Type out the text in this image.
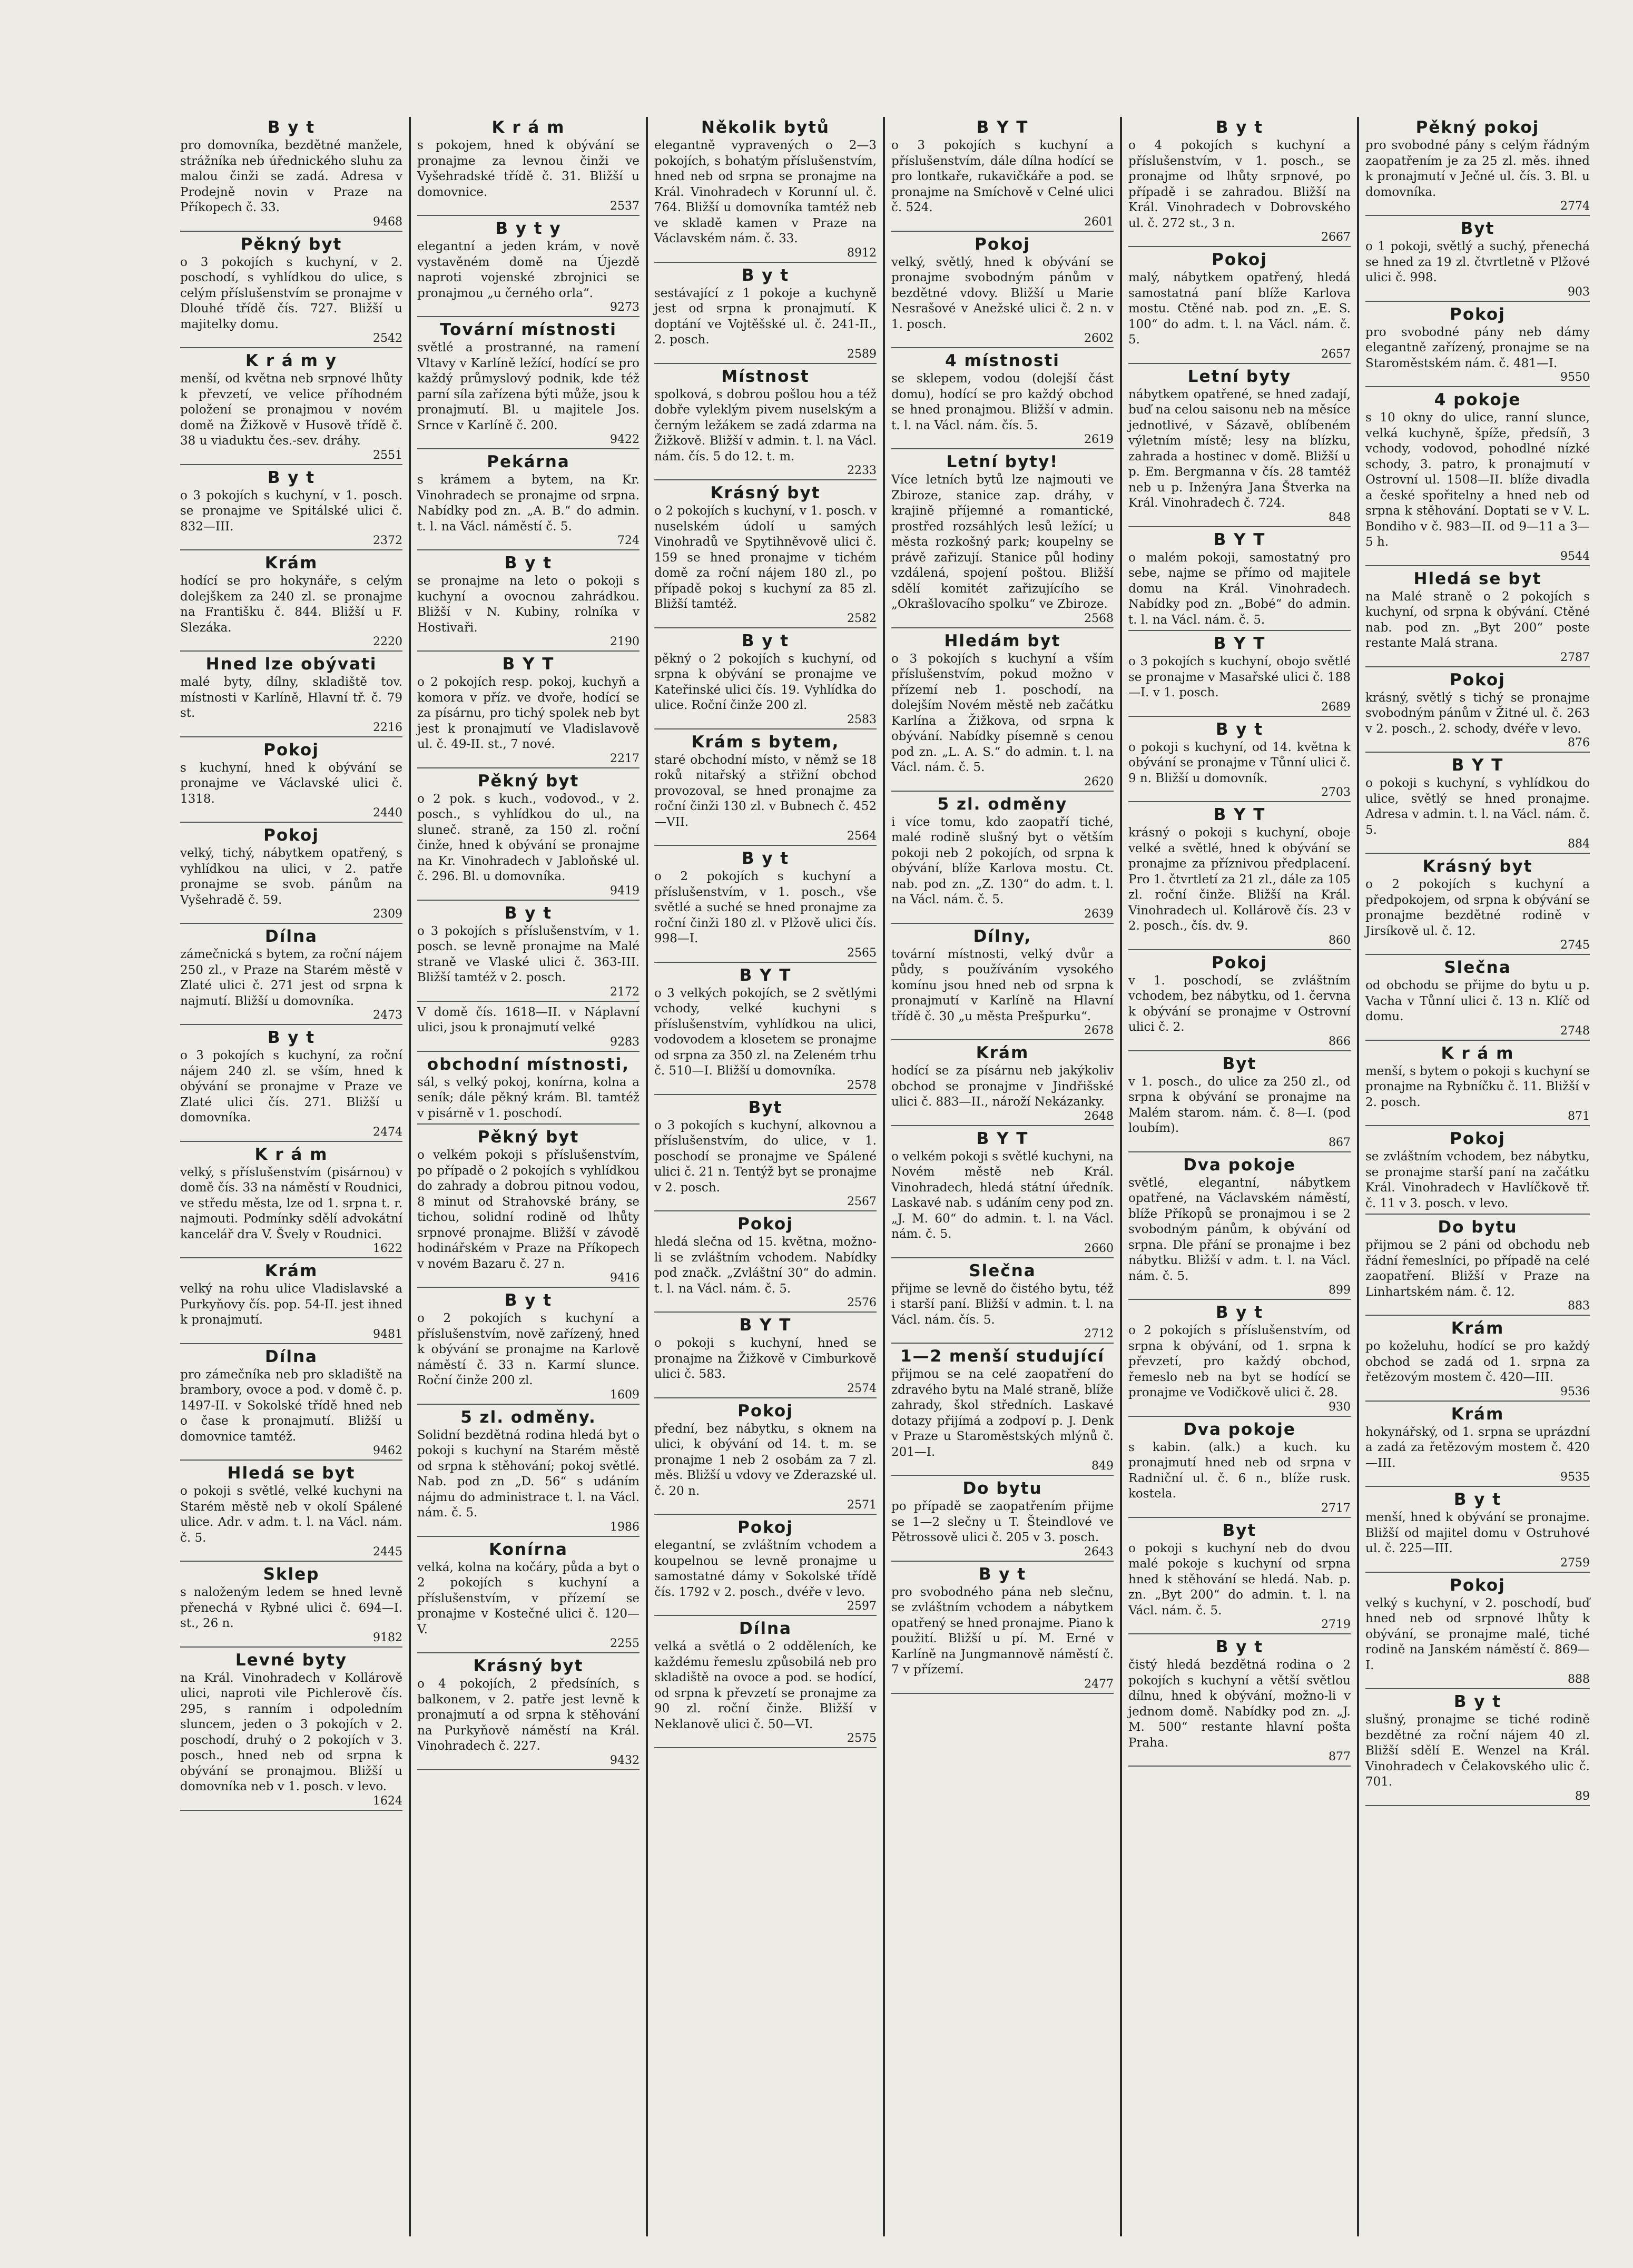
B y t

pro domovníka, bezdětné manžele, strážníka neb úřednického sluhu za malou činži se zadá. Adresa v Prodejně novin v Praze na Příkopech č. 33.

9468
Pěkný byt

o 3 pokojích s kuchyní, v 2. poschodí, s vyhlídkou do ulice, s celým příslušenstvím se pronajme v Dlouhé třídě čís. 727. Bližší u majitelky domu.

2542
K r á m y

menší, od května neb srpnové lhůty k převzetí, ve velice příhodném položení se pronajmou v novém domě na Žižkově v Husově třídě č. 38 u viaduktu čes.-sev. dráhy.

2551
B y t

o 3 pokojích s kuchyní, v 1. posch. se pronajme ve Spitálské ulici č. 832—III.

2372
Krám

hodící se pro hokynáře, s celým dolejškem za 240 zl. se pronajme na Františku č. 844. Bližší u F. Slezáka.

2220
Hned lze obývati

malé byty, dílny, skladiště tov. místnosti v Karlíně, Hlavní tř. č. 79 st.

2216
Pokoj

s kuchyní, hned k obývání se pronajme ve Václavské ulici č. 1318.

2440
Pokoj

velký, tichý, nábytkem opatřený, s vyhlídkou na ulici, v 2. patře pronajme se svob. pánům na Vyšehradě č. 59.

2309
Dílna

zámečnická s bytem, za roční nájem 250 zl., v Praze na Starém městě v Zlaté ulici č. 271 jest od srpna k najmutí. Bližší u domovníka.

2473
B y t

o 3 pokojích s kuchyní, za roční nájem 240 zl. se vším, hned k obývání se pronajme v Praze ve Zlaté ulici čís. 271. Bližší u domovníka.

2474
K r á m

velký, s příslušenstvím (pisárnou) v domě čís. 33 na náměstí v Roudnici, ve středu města, lze od 1. srpna t. r. najmouti. Podmínky sdělí advokátní kancelář dra V. Švely v Roudnici.

1622
Krám

velký na rohu ulice Vladislavské a Purkyňovy čís. pop. 54-II. jest ihned k pronajmutí.

9481
Dílna

pro zámečníka neb pro skladiště na brambory, ovoce a pod. v domě č. p. 1497-II. v Sokolské třídě hned neb o čase k pronajmutí. Bližší u domovnice tamtéž.

9462
Hledá se byt

o pokoji s světlé, velké kuchyni na Starém městě neb v okolí Spálené ulice. Adr. v adm. t. l. na Václ. nám. č. 5.

2445
Sklep

s naloženým ledem se hned levně přenechá v Rybné ulici č. 694—I. st., 26 n.

9182
Levné byty

na Král. Vinohradech v Kollárově ulici, naproti vile Pichlerově čís. 295, s ranním i odpoledním sluncem, jeden o 3 pokojích v 2. poschodí, druhý o 2 pokojích v 3. posch., hned neb od srpna k obývání se pronajmou. Bližší u domovníka neb v 1. posch. v levo.

1624
K r á m

s pokojem, hned k obývání se pronajme za levnou činži ve Vyšehradské třídě č. 31. Bližší u domovnice.

2537
B y t y

elegantní a jeden krám, v nově vystavěném domě na Újezdě naproti vojenské zbrojnici se pronajmou „u černého orla“.

9273
Tovární místnosti

světlé a prostranné, na ramení Vltavy v Karlíně ležící, hodící se pro každý průmyslový podnik, kde též parní síla zařízena býti může, jsou k pronajmutí. Bl. u majitele Jos. Srnce v Karlíně č. 200.

9422
Pekárna

s krámem a bytem, na Kr. Vinohradech se pronajme od srpna. Nabídky pod zn. „A. B.“ do admin. t. l. na Václ. náměstí č. 5.

724
B y t

se pronajme na leto o pokoji s kuchyní a ovocnou zahrádkou. Bližší v N. Kubiny, rolníka v Hostivaři.

2190
B Y T

o 2 pokojích resp. pokoj, kuchyň a komora v příz. ve dvoře, hodící se za písárnu, pro tichý spolek neb byt jest k pronajmutí ve Vladislavově ul. č. 49-II. st., 7 nové.

2217
Pěkný byt

o 2 pok. s kuch., vodovod., v 2. posch., s vyhlídkou do ul., na sluneč. straně, za 150 zl. roční činže, hned k obývání se pronajme na Kr. Vinohradech v Jabloňské ul. č. 296. Bl. u domovníka.

9419
B y t

o 3 pokojích s příslušenstvím, v 1. posch. se levně pronajme na Malé straně ve Vlaské ulici č. 363-III. Bližší tamtéž v 2. posch.

2172

V domě čís. 1618—II. v Náplavní ulici, jsou k pronajmutí velké

9283
obchodní místnosti,

sál, s velký pokoj, konírna, kolna a seník; dále pěkný krám. Bl. tamtéž v pisárně v 1. poschodí.

Pěkný byt

o velkém pokoji s příslušenstvím, po případě o 2 pokojích s vyhlídkou do zahrady a dobrou pitnou vodou, 8 minut od Strahovské brány, se tichou, solidní rodině od lhůty srpnové pronajme. Bližší v závodě hodinářském v Praze na Příkopech v novém Bazaru č. 27 n.

9416
B y t

o 2 pokojích s kuchyní a příslušenstvím, nově zařízený, hned k obývání se pronajme na Karlově náměstí č. 33 n. Karmí slunce. Roční činže 200 zl.

1609
5 zl. odměny.

Solidní bezdětná rodina hledá byt o pokoji s kuchyní na Starém městě od srpna k stěhování; pokoj světlé. Nab. pod zn „D. 56“ s udáním nájmu do administrace t. l. na Václ. nám. č. 5.

1986
Konírna

velká, kolna na kočáry, půda a byt o 2 pokojích s kuchyní a příslušenstvím, v přízemí se pronajme v Kostečné ulici č. 120—V.

2255
Krásný byt

o 4 pokojích, 2 předsíních, s balkonem, v 2. patře jest levně k pronajmutí a od srpna k stěhování na Purkyňově náměstí na Král. Vinohradech č. 227.

9432
Několik bytů

elegantně vypravených o 2—3 pokojích, s bohatým příslušenstvím, hned neb od srpna se pronajme na Král. Vinohradech v Korunní ul. č. 764. Bližší u domovníka tamtéž neb ve skladě kamen v Praze na Václavském nám. č. 33.

8912
B y t

sestávající z 1 pokoje a kuchyně jest od srpna k pronajmutí. K doptání ve Vojtěšské ul. č. 241-II., 2. posch.

2589
Místnost

spolková, s dobrou pošlou hou a též dobře vyleklým pivem nuselským a černým ležákem se zadá zdarma na Žižkově. Bližší v admin. t. l. na Václ. nám. čís. 5 do 12. t. m.

2233
Krásný byt

o 2 pokojích s kuchyní, v 1. posch. v nuselském údolí u samých Vinohradů ve Spytihněvově ulici č. 159 se hned pronajme v tichém domě za roční nájem 180 zl., po případě pokoj s kuchyní za 85 zl. Bližší tamtéž.

2582
B y t

pěkný o 2 pokojích s kuchyní, od srpna k obývání se pronajme ve Kateřinské ulici čís. 19. Vyhlídka do ulice. Roční činže 200 zl.

2583
Krám s bytem,

staré obchodní místo, v němž se 18 roků nitařský a střižní obchod provozoval, se hned pronajme za roční činži 130 zl. v Bubnech č. 452—VII.

2564
B y t

o 2 pokojích s kuchyní a příslušenstvím, v 1. posch., vše světlé a suché se hned pronajme za roční činži 180 zl. v Plžově ulici čís. 998—I.

2565
B Y T

o 3 velkých pokojích, se 2 světlými vchody, velké kuchyni s příslušenstvím, vyhlídkou na ulici, vodovodem a klosetem se pronajme od srpna za 350 zl. na Zeleném trhu č. 510—I. Bližší u domovníka.

2578
Byt

o 3 pokojích s kuchyní, alkovnou a příslušenstvím, do ulice, v 1. poschodí se pronajme ve Spálené ulici č. 21 n. Tentýž byt se pronajme v 2. posch.

2567
Pokoj

hledá slečna od 15. května, možno-li se zvláštním vchodem. Nabídky pod značk. „Zvláštní 30“ do admin. t. l. na Václ. nám. č. 5.

2576
B Y T

o pokoji s kuchyní, hned se pronajme na Žižkově v Cimburkově ulici č. 583.

2574
Pokoj

přední, bez nábytku, s oknem na ulici, k obývání od 14. t. m. se pronajme 1 neb 2 osobám za 7 zl. měs. Bližší u vdovy ve Zderazské ul. č. 20 n.

2571
Pokoj

elegantní, se zvláštním vchodem a koupelnou se levně pronajme u samostatné dámy v Sokolské třídě čís. 1792 v 2. posch., dvéře v levo.

2597
Dílna

velká a světlá o 2 odděleních, ke každému řemeslu způsobilá neb pro skladiště na ovoce a pod. se hodící, od srpna k převzetí se pronajme za 90 zl. roční činže. Bližší v Neklanově ulici č. 50—VI.

2575
B Y T

o 3 pokojích s kuchyní a příslušenstvím, dále dílna hodící se pro lontkaře, rukavičkáře a pod. se pronajme na Smíchově v Celné ulici č. 524.

2601
Pokoj

velký, světlý, hned k obývání se pronajme svobodným pánům v bezdětné vdovy. Bližší u Marie Nesrašové v Anežské ulici č. 2 n. v 1. posch.

2602
4 místnosti

se sklepem, vodou (dolejší část domu), hodící se pro každý obchod se hned pronajmou. Bližší v admin. t. l. na Václ. nám. čís. 5.

2619
Letní byty!

Více letních bytů lze najmouti ve Zbiroze, stanice zap. dráhy, v krajině příjemné a romantické, prostřed rozsáhlých lesů ležící; u města rozkošný park; koupelny se právě zařizují. Stanice půl hodiny vzdálená, spojení poštou. Bližší sdělí komitét zařizujícího se „Okrašlovacího spolku“ ve Zbiroze.

2568
Hledám byt

o 3 pokojích s kuchyní a vším příslušenstvím, pokud možno v přízemí neb 1. poschodí, na dolejším Novém městě neb začátku Karlína a Žižkova, od srpna k obývání. Nabídky písemně s cenou pod zn. „L. A. S.“ do admin. t. l. na Václ. nám. č. 5.

2620
5 zl. odměny

i více tomu, kdo zaopatří tiché, malé rodině slušný byt o větším pokoji neb 2 pokojích, od srpna k obývání, blíže Karlova mostu. Ct. nab. pod zn. „Z. 130“ do adm. t. l. na Václ. nám. č. 5.

2639
Dílny,

tovární místnosti, velký dvůr a půdy, s používáním vysokého komínu jsou hned neb od srpna k pronajmutí v Karlíně na Hlavní třídě č. 30 „u města Prešpurku“.

2678
Krám

hodící se za písárnu neb jakýkoliv obchod se pronajme v Jindřišské ulici č. 883—II., nároží Nekázanky.

2648
B Y T

o velkém pokoji s světlé kuchyni, na Novém městě neb Král. Vinohradech, hledá státní úředník. Laskavé nab. s udáním ceny pod zn. „J. M. 60“ do admin. t. l. na Václ. nám. č. 5.

2660
Slečna

přijme se levně do čistého bytu, též i starší paní. Bližší v admin. t. l. na Václ. nám. čís. 5.

2712
1—2 menší studující

přijmou se na celé zaopatření do zdravého bytu na Malé straně, blíže zahrady, škol středních. Laskavé dotazy přijímá a zodpoví p. J. Denk v Praze u Staroměstských mlýnů č. 201—I.

849
Do bytu

po případě se zaopatřením přijme se 1—2 slečny u T. Šteindlové ve Pětrossově ulici č. 205 v 3. posch.

2643
B y t

pro svobodného pána neb slečnu, se zvláštním vchodem a nábytkem opatřený se hned pronajme. Piano k použití. Bližší u pí. M. Erné v Karlíně na Jungmannově náměstí č. 7 v přízemí.

2477
B y t

o 4 pokojích s kuchyní a příslušenstvím, v 1. posch., se pronajme od lhůty srpnové, po případě i se zahradou. Bližší na Král. Vinohradech v Dobrovského ul. č. 272 st., 3 n.

2667
Pokoj

malý, nábytkem opatřený, hledá samostatná paní blíže Karlova mostu. Ctěné nab. pod zn. „E. S. 100“ do adm. t. l. na Václ. nám. č. 5.

2657
Letní byty

nábytkem opatřené, se hned zadají, buď na celou saisonu neb na měsíce jednotlivé, v Sázavě, oblíbeném výletním místě; lesy na blízku, zahrada a hostinec v domě. Bližší u p. Em. Bergmanna v čís. 28 tamtéž neb u p. Inženýra Jana Štverka na Král. Vinohradech č. 724.

848
B Y T

o malém pokoji, samostatný pro sebe, najme se přímo od majitele domu na Král. Vinohradech. Nabídky pod zn. „Bobé“ do admin. t. l. na Václ. nám. č. 5.

B Y T

o 3 pokojích s kuchyní, obojo světlé se pronajme v Masařské ulici č. 188—I. v 1. posch.

2689
B y t

o pokoji s kuchyní, od 14. května k obývání se pronajme v Tůnní ulici č. 9 n. Bližší u domovník.

2703
B Y T

krásný o pokoji s kuchyní, oboje velké a světlé, hned k obývání se pronajme za příznivou předplacení. Pro 1. čtvrtletí za 21 zl., dále za 105 zl. roční činže. Bližší na Král. Vinohradech ul. Kollárově čís. 23 v 2. posch., čís. dv. 9.

860
Pokoj

v 1. poschodí, se zvláštním vchodem, bez nábytku, od 1. června k obývání se pronajme v Ostrovní ulici č. 2.

866
Byt

v 1. posch., do ulice za 250 zl., od srpna k obývání se pronajme na Malém starom. nám. č. 8—I. (pod loubím).

867
Dva pokoje

světlé, elegantní, nábytkem opatřené, na Václavském náměstí, blíže Příkopů se pronajmou i se 2 svobodným pánům, k obývání od srpna. Dle přání se pronajme i bez nábytku. Bližší v adm. t. l. na Václ. nám. č. 5.

899
B y t

o 2 pokojích s příslušenstvím, od srpna k obývání, od 1. srpna k převzetí, pro každý obchod, řemeslo neb na byt se hodící se pronajme ve Vodičkově ulici č. 28.

930
Dva pokoje

s kabin. (alk.) a kuch. ku pronajmutí hned neb od srpna v Radniční ul. č. 6 n., blíže rusk. kostela.

2717
Byt

o pokoji s kuchyní neb do dvou malé pokoje s kuchyní od srpna hned k stěhování se hledá. Nab. p. zn. „Byt 200“ do admin. t. l. na Václ. nám. č. 5.

2719
B y t

čistý hledá bezdětná rodina o 2 pokojích s kuchyní a větší světlou dílnu, hned k obývání, možno-li v jednom domě. Nabídky pod zn. „J. M. 500“ restante hlavní pošta Praha.

877
Pěkný pokoj

pro svobodné pány s celým řádným zaopatřením je za 25 zl. měs. ihned k pronajmutí v Ječné ul. čís. 3. Bl. u domovníka.

2774
Byt

o 1 pokoji, světlý a suchý, přenechá se hned za 19 zl. čtvrtletně v Plžové ulici č. 998.

903
Pokoj

pro svobodné pány neb dámy elegantně zařízený, pronajme se na Staroměstském nám. č. 481—I.

9550
4 pokoje

s 10 okny do ulice, ranní slunce, velká kuchyně, špíže, předsíň, 3 vchody, vodovod, pohodlné nízké schody, 3. patro, k pronajmutí v Ostrovní ul. 1508—II. blíže divadla a české spořitelny a hned neb od srpna k stěhování. Doptati se v V. L. Bondiho v č. 983—II. od 9—11 a 3—5 h.

9544
Hledá se byt

na Malé straně o 2 pokojích s kuchyní, od srpna k obývání. Ctěné nab. pod zn. „Byt 200“ poste restante Malá strana.

2787
Pokoj

krásný, světlý s tichý se pronajme svobodným pánům v Žitné ul. č. 263 v 2. posch., 2. schody, dvéře v levo.

876
B Y T

o pokoji s kuchyní, s vyhlídkou do ulice, světlý se hned pronajme. Adresa v admin. t. l. na Václ. nám. č. 5.

884
Krásný byt

o 2 pokojích s kuchyní a předpokojem, od srpna k obývání se pronajme bezdětné rodině v Jirsíkově ul. č. 12.

2745
Slečna

od obchodu se přijme do bytu u p. Vacha v Tůnní ulici č. 13 n. Klíč od domu.

2748
K r á m

menší, s bytem o pokoji s kuchyní se pronajme na Rybníčku č. 11. Bližší v 2. posch.

871
Pokoj

se zvláštním vchodem, bez nábytku, se pronajme starší paní na začátku Král. Vinohradech v Havlíčkově tř. č. 11 v 3. posch. v levo.

Do bytu

přijmou se 2 páni od obchodu neb řádní řemeslníci, po případě na celé zaopatření. Bližší v Praze na Linhartském nám. č. 12.

883
Krám

po koželuhu, hodící se pro každý obchod se zadá od 1. srpna za řetězovým mostem č. 420—III.

9536
Krám

hokynářský, od 1. srpna se uprázdní a zadá za řetězovým mostem č. 420—III.

9535
B y t

menší, hned k obývání se pronajme. Bližší od majitel domu v Ostruhové ul. č. 225—III.

2759
Pokoj

velký s kuchyní, v 2. poschodí, buď hned neb od srpnové lhůty k obývání, se pronajme malé, tiché rodině na Janském náměstí č. 869—I.

888
B y t

slušný, pronajme se tiché rodině bezdětné za roční nájem 40 zl. Bližší sdělí E. Wenzel na Král. Vinohradech v Čelakovského ulic č. 701.

89
